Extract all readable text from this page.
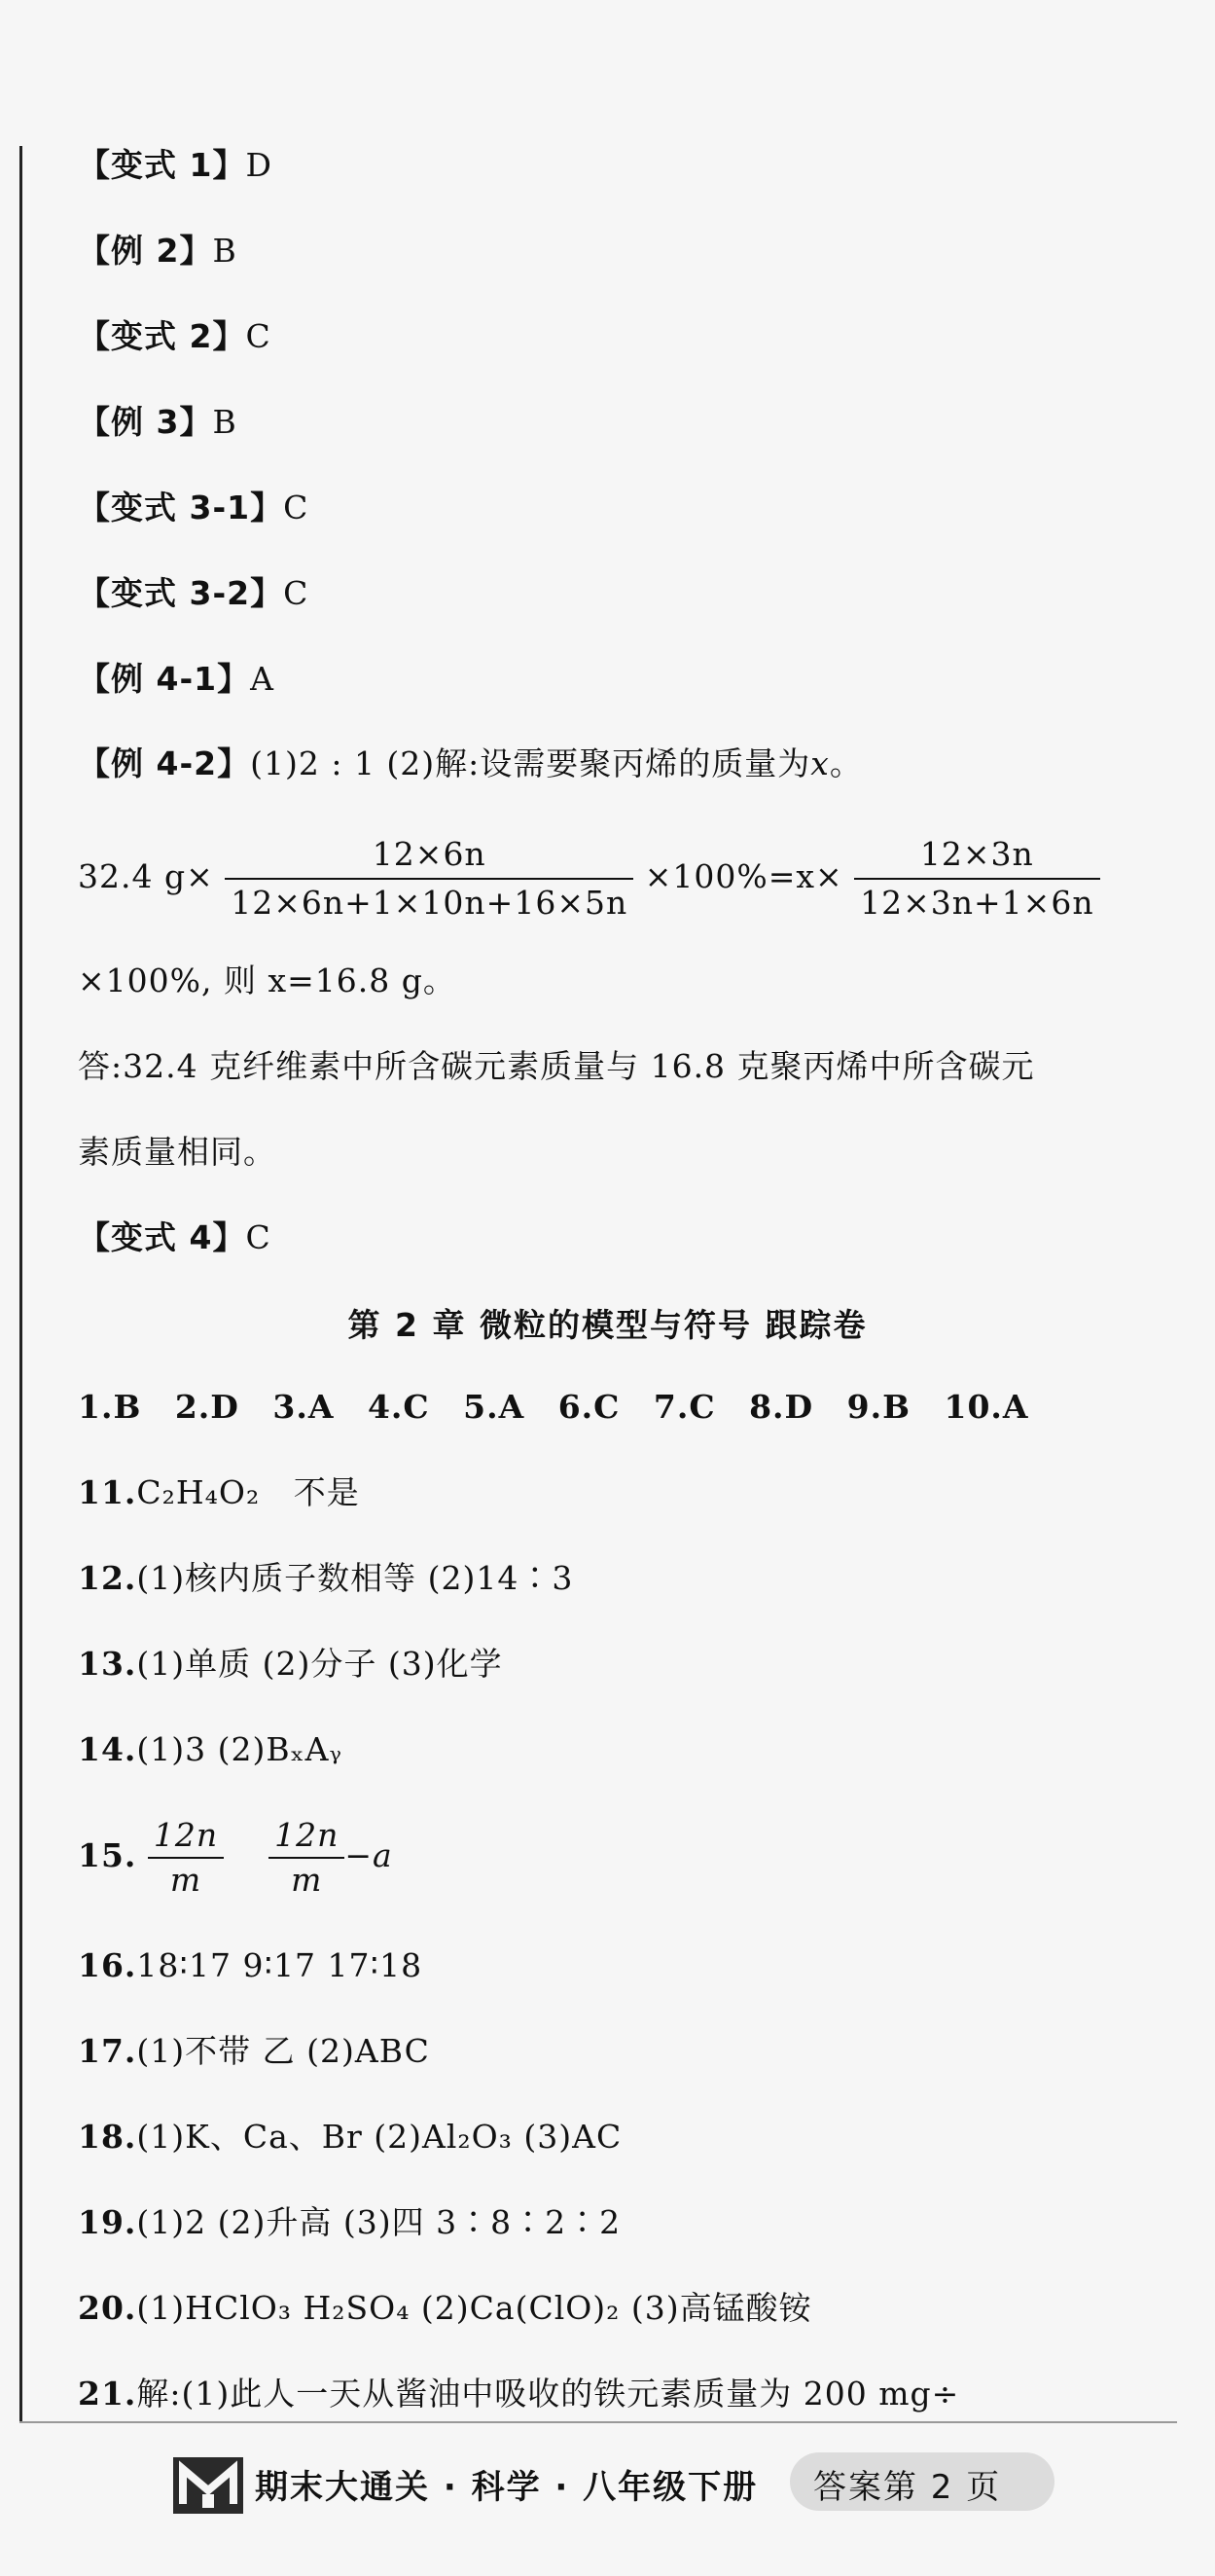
【变式 1】D
【例 2】B
【变式 2】C
【例 3】B
【变式 3-1】C
【变式 3-2】C
【例 4-1】A
【例 4-2】(1)2 : 1 (2)解:设需要聚丙烯的质量为x。
32.4 $g\times \frac{12\times 6n}{12\times 6n+1\times 10n+16\times 5n} \times 100\%=x\times \frac{12\times 3n}{12\times 3n+1\times 6n}$
×100%, 则 x=16.8 g。
答:32.4 克纤维素中所含碳元素质量与 16.8 克聚丙烯中所含碳元
素质量相同。
【变式 4】C
第 2 章 微粒的模型与符号 跟踪卷
1.B 2.D 3.A 4.C 5.A 6.C 7.C 8.D 9.B 10.A
11.C₂H₄O₂ 不是
12.(1)核内质子数相等 (2)14∶3
13.(1)单质 (2)分子 (3)化学
14.(1)3 (2)BₓAᵧ
15. $\frac{12n}{m}$
$\frac{12n}{m} -a$
16.18∶17 9∶17 17∶18
17.(1)不带 乙 (2)ABC
18.(1)K、Ca、Br (2)Al₂O₃ (3)AC
19.(1)2 (2)升高 (3)四 3∶8∶2∶2
20.(1)HClO₃ H₂SO₄ (2)Ca(ClO)₂ (3)高锰酸铵
21.解:(1)此人一天从酱油中吸收的铁元素质量为 200 mg÷
期末大通关 · 科学 · 八年级下册 答案第 2 页
